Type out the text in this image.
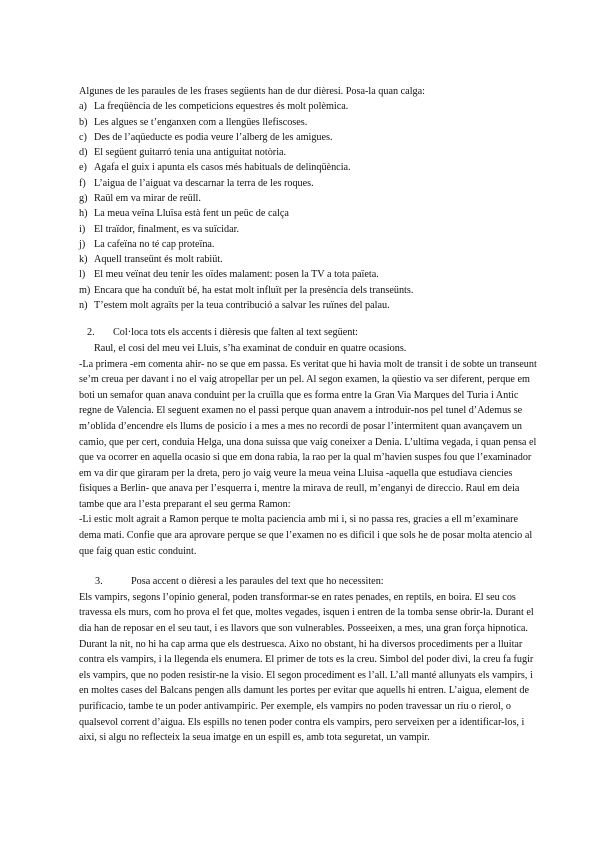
Algunes de les paraules de les frases següents han de dur dièresi. Posa-la quan calga:
a) La freqüència de les competicions equestres és molt polèmica.
b) Les algues se t’enganxen com a llengües llefiscoses.
c) Des de l’aqüeducte es podia veure l’alberg de les amigues.
d) El següent guitarró tenia una antiguitat notòria.
e) Agafa el guix i apunta els casos més habituals de delinqüència.
f) L’aigua de l’aiguat va descarnar la terra de les roques.
g) Raül em va mirar de reüll.
h) La meua veïna Lluïsa està fent un peüc de calça
i) El traïdor, finalment, es va suïcidar.
j) La cafeïna no té cap proteïna.
k) Aquell transeünt és molt rabiüt.
l) El meu veïnat deu tenir les oïdes malament: posen la TV a tota païeta.
m) Encara que ha conduït bé, ha estat molt influït per la presència dels transeünts.
n) T’estem molt agraïts per la teua contribució a salvar les ruïnes del palau.
2. Col·loca tots els accents i dièresis que falten al text següent:
Raul, el cosi del meu vei Lluis, s’ha examinat de conduir en quatre ocasions.
-La primera -em comenta ahir- no se que em passa. Es veritat que hi havia molt de transit i de sobte un transeunt se’m creua per davant i no el vaig atropellar per un pel. Al segon examen, la qüestio va ser diferent, perque em boti un semafor quan anava conduint per la cruïlla que es forma entre la Gran Via Marques del Turia i Antic regne de Valencia. El seguent examen no el passi perque quan anavem a introduir-nos pel tunel d’Ademus se m’oblida d’encendre els llums de posicio i a mes a mes no recordi de posar l’intermitent quan avançavem un camio, que per cert, conduia Helga, una dona suissa que vaig coneixer a Denia. L’ultima vegada, i quan pensa el que va ocorrer en aquella ocasio si que em dona rabia, la rao per la qual m’havien suspes fou que l’examinador em va dir que giraram per la dreta, pero jo vaig veure la meua veina Lluisa -aquella que estudiava ciencies fisiques a Berlin- que anava per l’esquerra i, mentre la mirava de reull, m’enganyi de direccio. Raul em deia tambe que ara l’esta preparant el seu germa Ramon:
-Li estic molt agrait a Ramon perque te molta paciencia amb mi i, si no passa res, gracies a ell m’examinare dema mati. Confie que ara aprovare perque se que l’examen no es dificil i que sols he de posar molta atencio al que faig quan estic conduint.
3.	Posa accent o dièresi a les paraules del text que ho necessiten:
Els vampirs, segons l’opinio general, poden transformar-se en rates penades, en reptils, en boira. El seu cos travessa els murs, com ho prova el fet que, moltes vegades, isquen i entren de la tomba sense obrir-la. Durant el dia han de reposar en el seu taut, i es llavors que son vulnerables. Posseeixen, a mes, una gran força hipnotica. Durant la nit, no hi ha cap arma que els destruesca. Aixo no obstant, hi ha diversos procediments per a lluitar contra els vampirs, i la llegenda els enumera. El primer de tots es la creu. Simbol del poder divi, la creu fa fugir els vampirs, que no poden resistir-ne la visio. El segon procediment es l’all. L’all manté allunyats els vampirs, i en moltes cases del Balcans pengen alls damunt les portes per evitar que aquells hi entren. L’aigua, element de purificacio, tambe te un poder antivampiric. Per exemple, els vampirs no poden travessar un riu o rierol, o qualsevol corrent d’aigua. Els espills no tenen poder contra els vampirs, pero serveixen per a identificar-los, i aixi, si algu no reflecteix la seua imatge en un espill es, amb tota seguretat, un vampir.
